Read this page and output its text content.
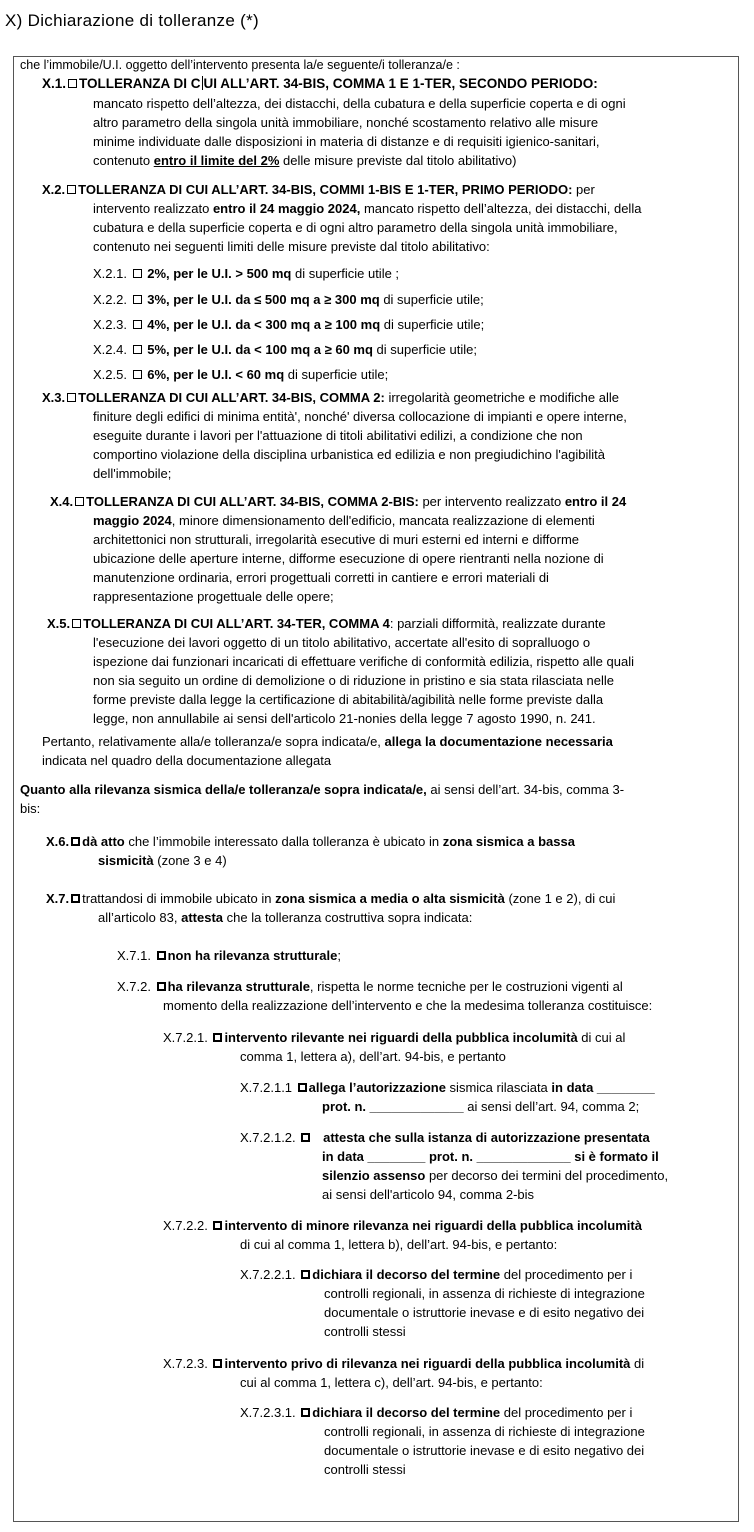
X) Dichiarazione di tolleranze (*)
che l’immobile/U.I. oggetto dell’intervento presenta la/e seguente/i tolleranza/e :
X.1. TOLLERANZA DI C UI ALL’ART. 34-BIS, COMMA 1 E 1-TER, SECONDO PERIODO:
mancato rispetto dell’altezza, dei distacchi, della cubatura e della superficie coperta e di ogni
altro parametro della singola unità immobiliare, nonché scostamento relativo alle misure
minime individuate dalle disposizioni in materia di distanze e di requisiti igienico-sanitari,
contenuto entro il limite del 2% delle misure previste dal titolo abilitativo)
X.2. TOLLERANZA DI CUI ALL’ART. 34-BIS, COMMI 1-BIS E 1-TER, PRIMO PERIODO: per
intervento realizzato entro il 24 maggio 2024, mancato rispetto dell’altezza, dei distacchi, della
cubatura e della superficie coperta e di ogni altro parametro della singola unità immobiliare,
contenuto nei seguenti limiti delle misure previste dal titolo abilitativo:
X.2.1. 2%, per le U.I. > 500 mq di superficie utile ;
X.2.2. 3%, per le U.I. da ≤ 500 mq a ≥ 300 mq di superficie utile;
X.2.3. 4%, per le U.I. da < 300 mq a ≥ 100 mq di superficie utile;
X.2.4. 5%, per le U.I. da < 100 mq a ≥ 60 mq di superficie utile;
X.2.5. 6%, per le U.I. < 60 mq di superficie utile;
X.3. TOLLERANZA DI CUI ALL’ART. 34-BIS, COMMA 2: irregolarità geometriche e modifiche alle
finiture degli edifici di minima entità', nonché' diversa collocazione di impianti e opere interne,
eseguite durante i lavori per l'attuazione di titoli abilitativi edilizi, a condizione che non
comportino violazione della disciplina urbanistica ed edilizia e non pregiudichino l'agibilità
dell'immobile;
X.4. TOLLERANZA DI CUI ALL’ART. 34-BIS, COMMA 2-BIS: per intervento realizzato entro il 24
maggio 2024, minore dimensionamento dell'edificio, mancata realizzazione di elementi
architettonici non strutturali, irregolarità esecutive di muri esterni ed interni e difforme
ubicazione delle aperture interne, difforme esecuzione di opere rientranti nella nozione di
manutenzione ordinaria, errori progettuali corretti in cantiere e errori materiali di
rappresentazione progettuale delle opere;
X.5. TOLLERANZA DI CUI ALL’ART. 34-TER, COMMA 4: parziali difformità, realizzate durante
l'esecuzione dei lavori oggetto di un titolo abilitativo, accertate all'esito di sopralluogo o
ispezione dai funzionari incaricati di effettuare verifiche di conformità edilizia, rispetto alle quali
non sia seguito un ordine di demolizione o di riduzione in pristino e sia stata rilasciata nelle
forme previste dalla legge la certificazione di abitabilità/agibilità nelle forme previste dalla
legge, non annullabile ai sensi dell'articolo 21-nonies della legge 7 agosto 1990, n. 241.
Pertanto, relativamente alla/e tolleranza/e sopra indicata/e, allega la documentazione necessaria
indicata nel quadro della documentazione allegata
Quanto alla rilevanza sismica della/e tolleranza/e sopra indicata/e, ai sensi dell’art. 34-bis, comma 3-
bis:
X.6. dà atto che l’immobile interessato dalla tolleranza è ubicato in zona sismica a bassa
sismicità (zone 3 e 4)
X.7. trattandosi di immobile ubicato in zona sismica a media o alta sismicità (zone 1 e 2), di cui
all’articolo 83, attesta che la tolleranza costruttiva sopra indicata:
X.7.1. non ha rilevanza strutturale;
X.7.2. ha rilevanza strutturale, rispetta le norme tecniche per le costruzioni vigenti al
momento della realizzazione dell’intervento e che la medesima tolleranza costituisce:
X.7.2.1. intervento rilevante nei riguardi della pubblica incolumità di cui al
comma 1, lettera a), dell’art. 94-bis, e pertanto
X.7.2.1.1 allega l’autorizzazione sismica rilasciata in data ________
prot. n. _____________ ai sensi dell’art. 94, comma 2;
X.7.2.1.2. attesta che sulla istanza di autorizzazione presentata
in data ________ prot. n. _____________ si è formato il
silenzio assenso per decorso dei termini del procedimento,
ai sensi dell'articolo 94, comma 2-bis
X.7.2.2. intervento di minore rilevanza nei riguardi della pubblica incolumità
di cui al comma 1, lettera b), dell’art. 94-bis, e pertanto:
X.7.2.2.1. dichiara il decorso del termine del procedimento per i
controlli regionali, in assenza di richieste di integrazione
documentale o istruttorie inevase e di esito negativo dei
controlli stessi
X.7.2.3. intervento privo di rilevanza nei riguardi della pubblica incolumità di
cui al comma 1, lettera c), dell’art. 94-bis, e pertanto:
X.7.2.3.1. dichiara il decorso del termine del procedimento per i
controlli regionali, in assenza di richieste di integrazione
documentale o istruttorie inevase e di esito negativo dei
controlli stessi
